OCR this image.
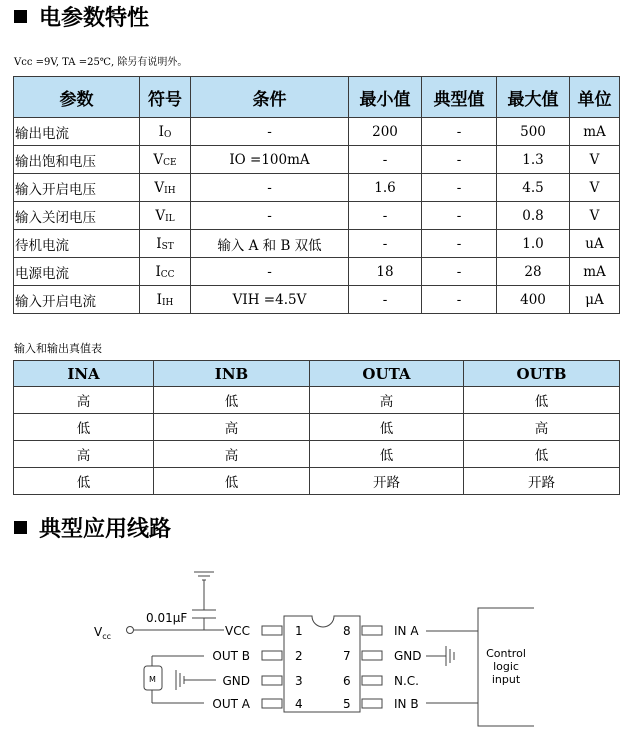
电参数特性
Vcc =9V, TA =25℃, 除另有说明外。
参数	符号	条件	最小值	典型值	最大值	单位
输出电流	$I_O$	-	200	-	500	mA
输出饱和电压	$V_{CE}$	IO =100mA	-	-	1.3	V
输入开启电压	$V_{IH}$	-	1.6	-	4.5	V
输入关闭电压	$V_{IL}$	-	-	-	0.8	V
待机电流	$I_{ST}$	输入 A 和 B 双低	-	-	1.0	uA
电源电流	$I_{CC}$	-	18	-	28	mA
输入开启电流	$I_{IH}$	VIH =4.5V	-	-	400	μA
输入和输出真值表
INA	INB	OUTA	OUTB
高	低	高	低
低	高	低	高
高	高	低	低
低	低	开路	开路
典型应用线路
$V_{cc}$
0.01μF
VCC	1
OUT B	2
GND	3
OUT A	4
8	IN A
7	GND
6	N.C.
5	IN B
M
Control
logic
input
